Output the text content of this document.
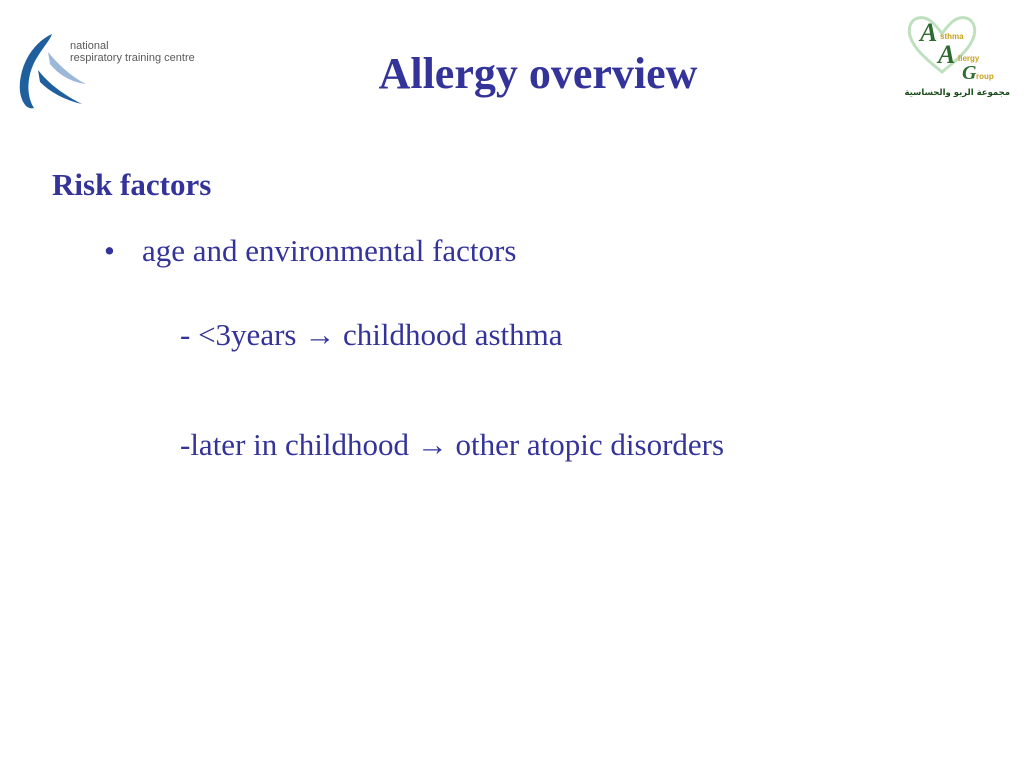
national
respiratory training centre
A sthma
A llergy
G roup
مجموعة الربو والحساسية
Allergy overview
Risk factors
• age and environmental factors
- <3years → childhood asthma
-later in childhood → other atopic disorders
